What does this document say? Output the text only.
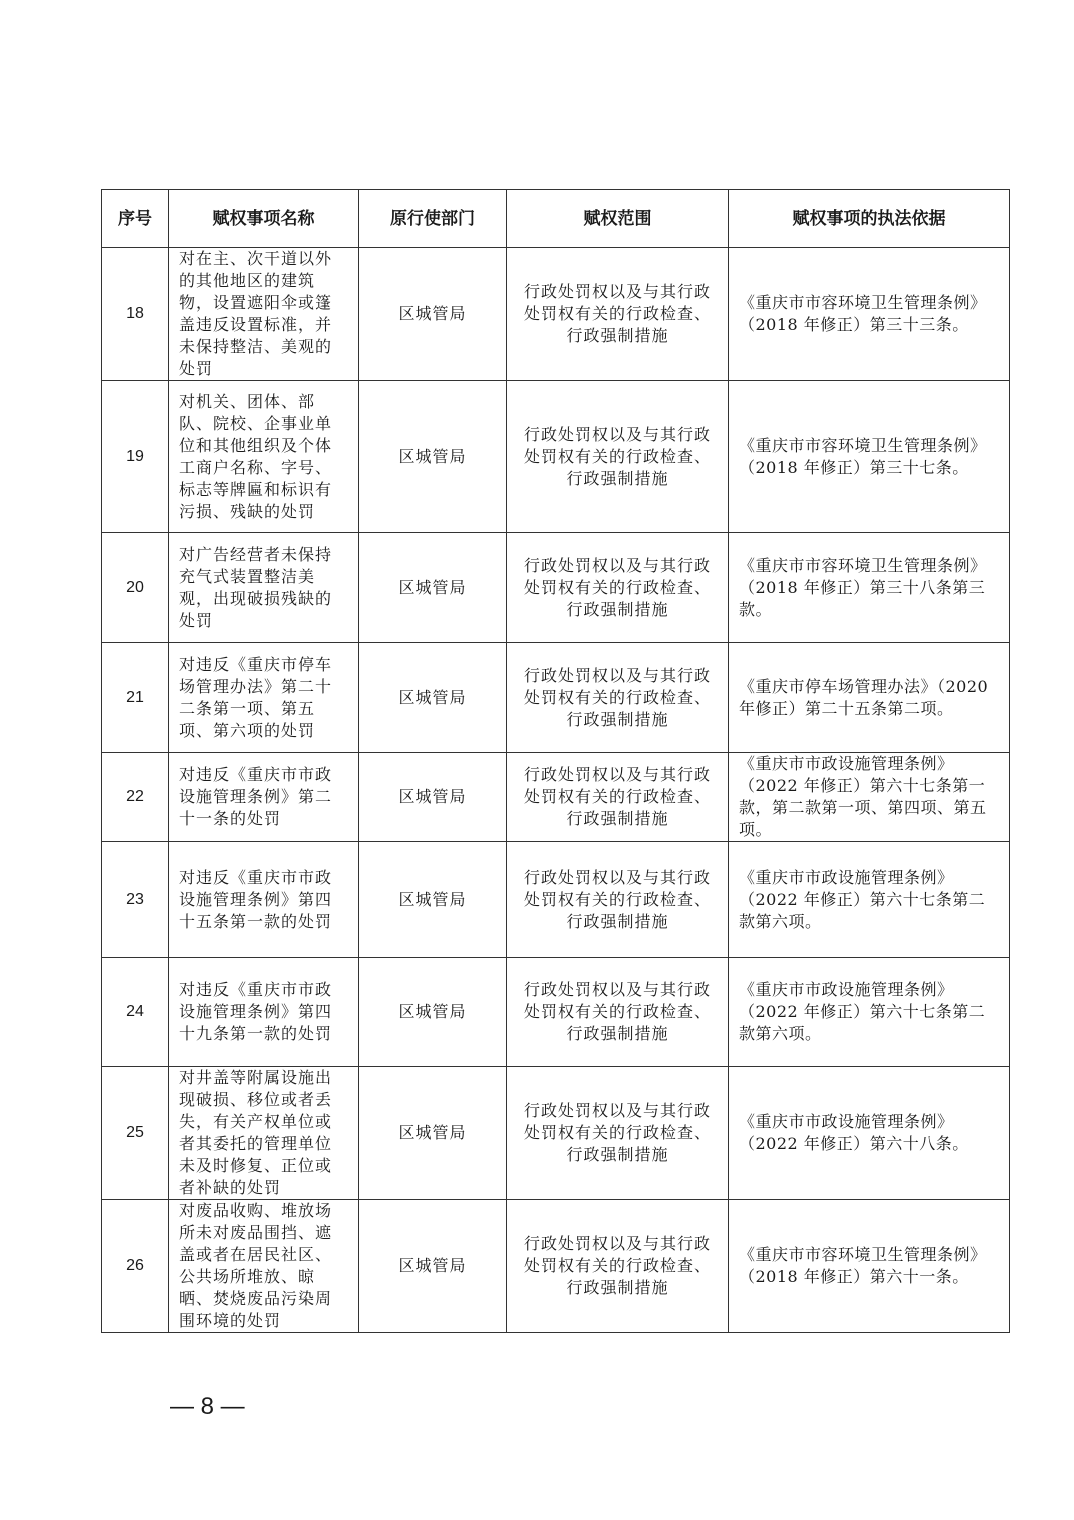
序号	赋权事项名称	原行使部门	赋权范围	赋权事项的执法依据
18	对在主、次干道以外的其他地区的建筑物，设置遮阳伞或篷盖违反设置标准，并未保持整洁、美观的处罚	区城管局	行政处罚权以及与其行政处罚权有关的行政检查、行政强制措施	《重庆市市容环境卫生管理条例》（2018 年修正）第三十三条。
19	对机关、团体、部队、院校、企事业单位和其他组织及个体工商户名称、字号、标志等牌匾和标识有污损、残缺的处罚	区城管局	行政处罚权以及与其行政处罚权有关的行政检查、行政强制措施	《重庆市市容环境卫生管理条例》（2018 年修正）第三十七条。
20	对广告经营者未保持充气式装置整洁美观，出现破损残缺的处罚	区城管局	行政处罚权以及与其行政处罚权有关的行政检查、行政强制措施	《重庆市市容环境卫生管理条例》（2018 年修正）第三十八条第三款。
21	对违反《重庆市停车场管理办法》第二十二条第一项、第五项、第六项的处罚	区城管局	行政处罚权以及与其行政处罚权有关的行政检查、行政强制措施	《重庆市停车场管理办法》（2020 年修正）第二十五条第二项。
22	对违反《重庆市市政设施管理条例》第二十一条的处罚	区城管局	行政处罚权以及与其行政处罚权有关的行政检查、行政强制措施	《重庆市市政设施管理条例》（2022 年修正）第六十七条第一款，第二款第一项、第四项、第五项。
23	对违反《重庆市市政设施管理条例》第四十五条第一款的处罚	区城管局	行政处罚权以及与其行政处罚权有关的行政检查、行政强制措施	《重庆市市政设施管理条例》（2022 年修正）第六十七条第二款第六项。
24	对违反《重庆市市政设施管理条例》第四十九条第一款的处罚	区城管局	行政处罚权以及与其行政处罚权有关的行政检查、行政强制措施	《重庆市市政设施管理条例》（2022 年修正）第六十七条第二款第六项。
25	对井盖等附属设施出现破损、移位或者丢失，有关产权单位或者其委托的管理单位未及时修复、正位或者补缺的处罚	区城管局	行政处罚权以及与其行政处罚权有关的行政检查、行政强制措施	《重庆市市政设施管理条例》（2022 年修正）第六十八条。
26	对废品收购、堆放场所未对废品围挡、遮盖或者在居民社区、公共场所堆放、晾晒、焚烧废品污染周围环境的处罚	区城管局	行政处罚权以及与其行政处罚权有关的行政检查、行政强制措施	《重庆市市容环境卫生管理条例》（2018 年修正）第六十一条。
— 8 —
